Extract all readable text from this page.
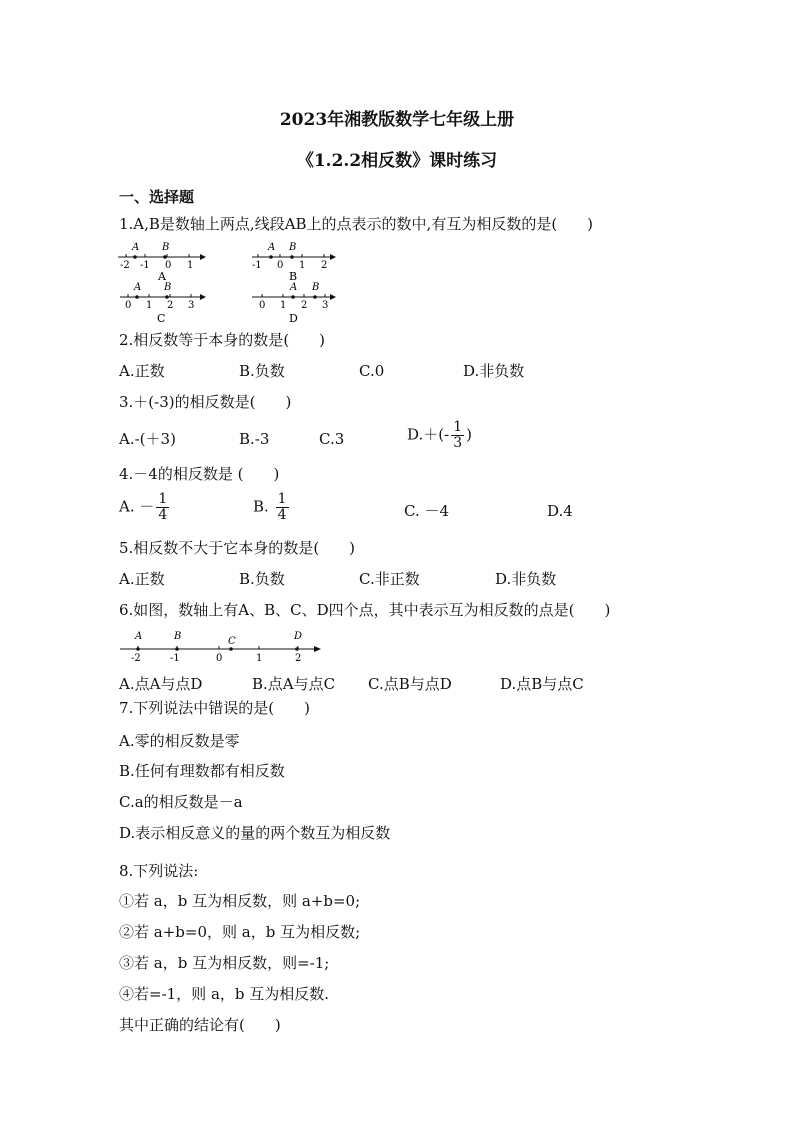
2023年湘教版数学七年级上册
《1.2.2相反数》课时练习
一、选择题
1.A,B是数轴上两点,线段AB上的点表示的数中,有互为相反数的是(　　)
A B
-2 -1 0 1
A
A B
-1 0 1 2
B
A B
0 1 2 3
C
A B
0 1 2 3
D
2.相反数等于本身的数是(　　)
A.正数	B.负数	C.0	D.非负数
3.＋(-3)的相反数是(　　)
A.-(＋3)	B.-3	C.3	$D.+(- \frac{1}{3}$ )
4.－4的相反数是 (　　)
A. － $\frac{1}{4}$	B. $\frac{1}{4}$	C. －4	D.4
5.相反数不大于它本身的数是(　　)
A.正数	B.负数	C.非正数	D.非负数
6.如图，数轴上有A、B、C、D四个点，其中表示互为相反数的点是(　　)
A	B	C	D
-2	-1	0	1	2
A.点A与点D	B.点A与点C C.点B与点D	D.点B与点C
7.下列说法中错误的是(　　)
A.零的相反数是零
B.任何有理数都有相反数
C.a的相反数是－a
D.表示相反意义的量的两个数互为相反数
8.下列说法:
①若 a，b 互为相反数，则 a+b=0;
②若 a+b=0，则 a，b 互为相反数;
③若 a，b 互为相反数，则=-1;
④若=-1，则 a，b 互为相反数.
其中正确的结论有(　　)
